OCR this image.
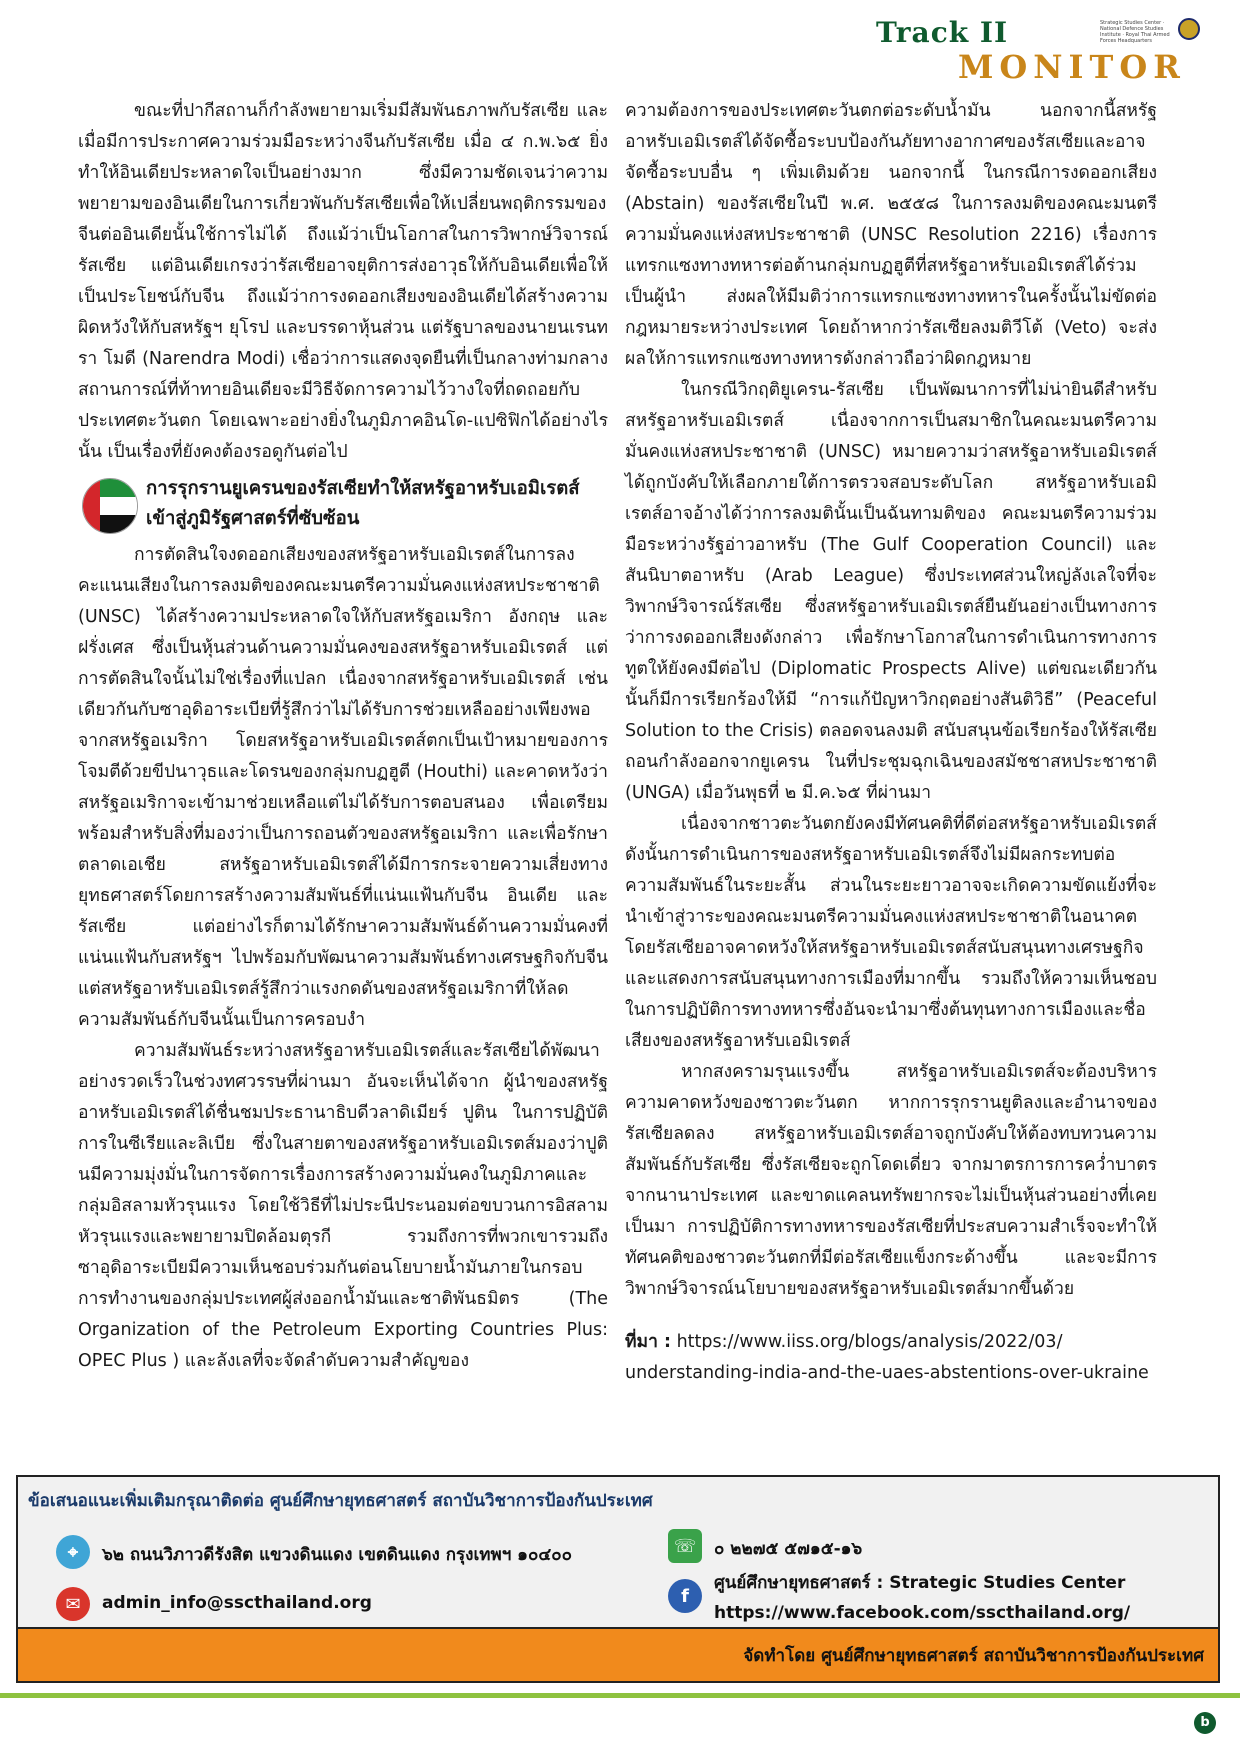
Track II
MONITOR
Strategic Studies Center · National Defence Studies Institute · Royal Thai Armed Forces Headquarters

ขณะที่ปากีสถานก็กำลังพยายามเริ่มมีสัมพันธภาพกับรัสเซีย และเมื่อมีการประกาศความร่วมมือระหว่างจีนกับรัสเซีย เมื่อ ๔ ก.พ.๖๕ ยิ่งทำให้อินเดียประหลาดใจเป็นอย่างมาก ซึ่งมีความชัดเจนว่าความพยายามของอินเดียในการเกี่ยวพันกับรัสเซียเพื่อให้เปลี่ยนพฤติกรรมของจีนต่ออินเดียนั้นใช้การไม่ได้ ถึงแม้ว่าเป็นโอกาสในการวิพากษ์วิจารณ์รัสเซีย แต่อินเดียเกรงว่ารัสเซียอาจยุติการส่งอาวุธให้กับอินเดียเพื่อให้เป็นประโยชน์กับจีน ถึงแม้ว่าการงดออกเสียงของอินเดียได้สร้างความผิดหวังให้กับสหรัฐฯ ยุโรป และบรรดาหุ้นส่วน แต่รัฐบาลของนายนเรนทรา โมดี (Narendra Modi) เชื่อว่าการแสดงจุดยืนที่เป็นกลางท่ามกลางสถานการณ์ที่ท้าทายอินเดียจะมีวิธีจัดการความไว้วางใจที่ถดถอยกับประเทศตะวันตก โดยเฉพาะอย่างยิ่งในภูมิภาคอินโด-แปซิฟิกได้อย่างไรนั้น เป็นเรื่องที่ยังคงต้องรอดูกันต่อไป

การรุกรานยูเครนของรัสเซียทำให้สหรัฐอาหรับเอมิเรตส์เข้าสู่ภูมิรัฐศาสตร์ที่ซับซ้อน

การตัดสินใจงดออกเสียงของสหรัฐอาหรับเอมิเรตส์ในการลงคะแนนเสียงในการลงมติของคณะมนตรีความมั่นคงแห่งสหประชาชาติ (UNSC) ได้สร้างความประหลาดใจให้กับสหรัฐอเมริกา อังกฤษ และฝรั่งเศส ซึ่งเป็นหุ้นส่วนด้านความมั่นคงของสหรัฐอาหรับเอมิเรตส์ แต่การตัดสินใจนั้นไม่ใช่เรื่องที่แปลก เนื่องจากสหรัฐอาหรับเอมิเรตส์ เช่นเดียวกันกับซาอุดิอาระเบียที่รู้สึกว่าไม่ได้รับการช่วยเหลืออย่างเพียงพอจากสหรัฐอเมริกา โดยสหรัฐอาหรับเอมิเรตส์ตกเป็นเป้าหมายของการโจมตีด้วยขีปนาวุธและโดรนของกลุ่มกบฏฮูตี (Houthi) และคาดหวังว่าสหรัฐอเมริกาจะเข้ามาช่วยเหลือแต่ไม่ได้รับการตอบสนอง เพื่อเตรียมพร้อมสำหรับสิ่งที่มองว่าเป็นการถอนตัวของสหรัฐอเมริกา และเพื่อรักษาตลาดเอเชีย สหรัฐอาหรับเอมิเรตส์ได้มีการกระจายความเสี่ยงทางยุทธศาสตร์โดยการสร้างความสัมพันธ์ที่แน่นแฟ้นกับจีน อินเดีย และรัสเซีย แต่อย่างไรก็ตามได้รักษาความสัมพันธ์ด้านความมั่นคงที่แน่นแฟ้นกับสหรัฐฯ ไปพร้อมกับพัฒนาความสัมพันธ์ทางเศรษฐกิจกับจีน แต่สหรัฐอาหรับเอมิเรตส์รู้สึกว่าแรงกดดันของสหรัฐอเมริกาที่ให้ลดความสัมพันธ์กับจีนนั้นเป็นการครอบงำ

ความสัมพันธ์ระหว่างสหรัฐอาหรับเอมิเรตส์และรัสเซียได้พัฒนาอย่างรวดเร็วในช่วงทศวรรษที่ผ่านมา อันจะเห็นได้จาก ผู้นำของสหรัฐอาหรับเอมิเรตส์ได้ชื่นชมประธานาธิบดีวลาดิเมียร์ ปูติน ในการปฏิบัติการในซีเรียและลิเบีย ซึ่งในสายตาของสหรัฐอาหรับเอมิเรตส์มองว่าปูตินมีความมุ่งมั่นในการจัดการเรื่องการสร้างความมั่นคงในภูมิภาคและกลุ่มอิสลามหัวรุนแรง โดยใช้วิธีที่ไม่ประนีประนอมต่อขบวนการอิสลามหัวรุนแรงและพยายามปิดล้อมตุรกี รวมถึงการที่พวกเขารวมถึงซาอุดิอาระเบียมีความเห็นชอบร่วมกันต่อนโยบายน้ำมันภายในกรอบการทำงานของกลุ่มประเทศผู้ส่งออกน้ำมันและชาติพันธมิตร (The Organization of the Petroleum Exporting Countries Plus: OPEC Plus ) และลังเลที่จะจัดลำดับความสำคัญของ

ความต้องการของประเทศตะวันตกต่อระดับน้ำมัน นอกจากนี้สหรัฐอาหรับเอมิเรตส์ได้จัดซื้อระบบป้องกันภัยทางอากาศของรัสเซียและอาจจัดซื้อระบบอื่น ๆ เพิ่มเติมด้วย นอกจากนี้ ในกรณีการงดออกเสียง (Abstain) ของรัสเซียในปี พ.ศ. ๒๕๕๘ ในการลงมติของคณะมนตรีความมั่นคงแห่งสหประชาชาติ (UNSC Resolution 2216) เรื่องการแทรกแซงทางทหารต่อต้านกลุ่มกบฏฮูตีที่สหรัฐอาหรับเอมิเรตส์ได้ร่วมเป็นผู้นำ ส่งผลให้มีมติว่าการแทรกแซงทางทหารในครั้งนั้นไม่ขัดต่อกฎหมายระหว่างประเทศ โดยถ้าหากว่ารัสเซียลงมติวีโต้ (Veto) จะส่งผลให้การแทรกแซงทางทหารดังกล่าวถือว่าผิดกฎหมาย

ในกรณีวิกฤติยูเครน-รัสเซีย เป็นพัฒนาการที่ไม่น่ายินดีสำหรับสหรัฐอาหรับเอมิเรตส์ เนื่องจากการเป็นสมาชิกในคณะมนตรีความมั่นคงแห่งสหประชาชาติ (UNSC) หมายความว่าสหรัฐอาหรับเอมิเรตส์ได้ถูกบังคับให้เลือกภายใต้การตรวจสอบระดับโลก สหรัฐอาหรับเอมิเรตส์อาจอ้างได้ว่าการลงมตินั้นเป็นฉันทามติของ คณะมนตรีความร่วมมือระหว่างรัฐอ่าวอาหรับ (The Gulf Cooperation Council) และ สันนิบาตอาหรับ (Arab League) ซึ่งประเทศส่วนใหญ่ลังเลใจที่จะวิพากษ์วิจารณ์รัสเซีย ซึ่งสหรัฐอาหรับเอมิเรตส์ยืนยันอย่างเป็นทางการว่าการงดออกเสียงดังกล่าว เพื่อรักษาโอกาสในการดำเนินการทางการทูตให้ยังคงมีต่อไป (Diplomatic Prospects Alive) แต่ขณะเดียวกันนั้นก็มีการเรียกร้องให้มี “การแก้ปัญหาวิกฤตอย่างสันติวิธี” (Peaceful Solution to the Crisis) ตลอดจนลงมติ สนับสนุนข้อเรียกร้องให้รัสเซียถอนกำลังออกจากยูเครน ในที่ประชุมฉุกเฉินของสมัชชาสหประชาชาติ (UNGA) เมื่อวันพุธที่ ๒ มี.ค.๖๕ ที่ผ่านมา

เนื่องจากชาวตะวันตกยังคงมีทัศนคติที่ดีต่อสหรัฐอาหรับเอมิเรตส์ ดังนั้นการดำเนินการของสหรัฐอาหรับเอมิเรตส์จึงไม่มีผลกระทบต่อความสัมพันธ์ในระยะสั้น ส่วนในระยะยาวอาจจะเกิดความขัดแย้งที่จะนำเข้าสู่วาระของคณะมนตรีความมั่นคงแห่งสหประชาชาติในอนาคต โดยรัสเซียอาจคาดหวังให้สหรัฐอาหรับเอมิเรตส์สนับสนุนทางเศรษฐกิจ และแสดงการสนับสนุนทางการเมืองที่มากขึ้น รวมถึงให้ความเห็นชอบในการปฏิบัติการทางทหารซึ่งอันจะนำมาซึ่งต้นทุนทางการเมืองและชื่อเสียงของสหรัฐอาหรับเอมิเรตส์

หากสงครามรุนแรงขึ้น สหรัฐอาหรับเอมิเรตส์จะต้องบริหารความคาดหวังของชาวตะวันตก หากการรุกรานยูติลงและอำนาจของรัสเซียลดลง สหรัฐอาหรับเอมิเรตส์อาจถูกบังคับให้ต้องทบทวนความสัมพันธ์กับรัสเซีย ซึ่งรัสเซียจะถูกโดดเดี่ยว จากมาตรการการคว่ำบาตรจากนานาประเทศ และขาดแคลนทรัพยากรจะไม่เป็นหุ้นส่วนอย่างที่เคยเป็นมา การปฏิบัติการทางทหารของรัสเซียที่ประสบความสำเร็จจะทำให้ทัศนคติของชาวตะวันตกที่มีต่อรัสเซียแข็งกระด้างขึ้น และจะมีการวิพากษ์วิจารณ์นโยบายของสหรัฐอาหรับเอมิเรตส์มากขึ้นด้วย

ที่มา : https://www.iiss.org/blogs/analysis/2022/03/
understanding-india-and-the-uaes-abstentions-over-ukraine
ข้อเสนอแนะเพิ่มเติมกรุณาติดต่อ ศูนย์ศึกษายุทธศาสตร์ สถาบันวิชาการป้องกันประเทศ
⌖	๖๒ ถนนวิภาวดีรังสิต แขวงดินแดง เขตดินแดง กรุงเทพฯ ๑๐๔๐๐
✉	admin_info@sscthailand.org
☏	๐ ๒๒๗๕ ๕๗๑๕-๑๖
ศูนย์ศึกษายุทธศาสตร์ : Strategic Studies Center
f
https://www.facebook.com/sscthailand.org/
จัดทำโดย ศูนย์ศึกษายุทธศาสตร์ สถาบันวิชาการป้องกันประเทศ
b
